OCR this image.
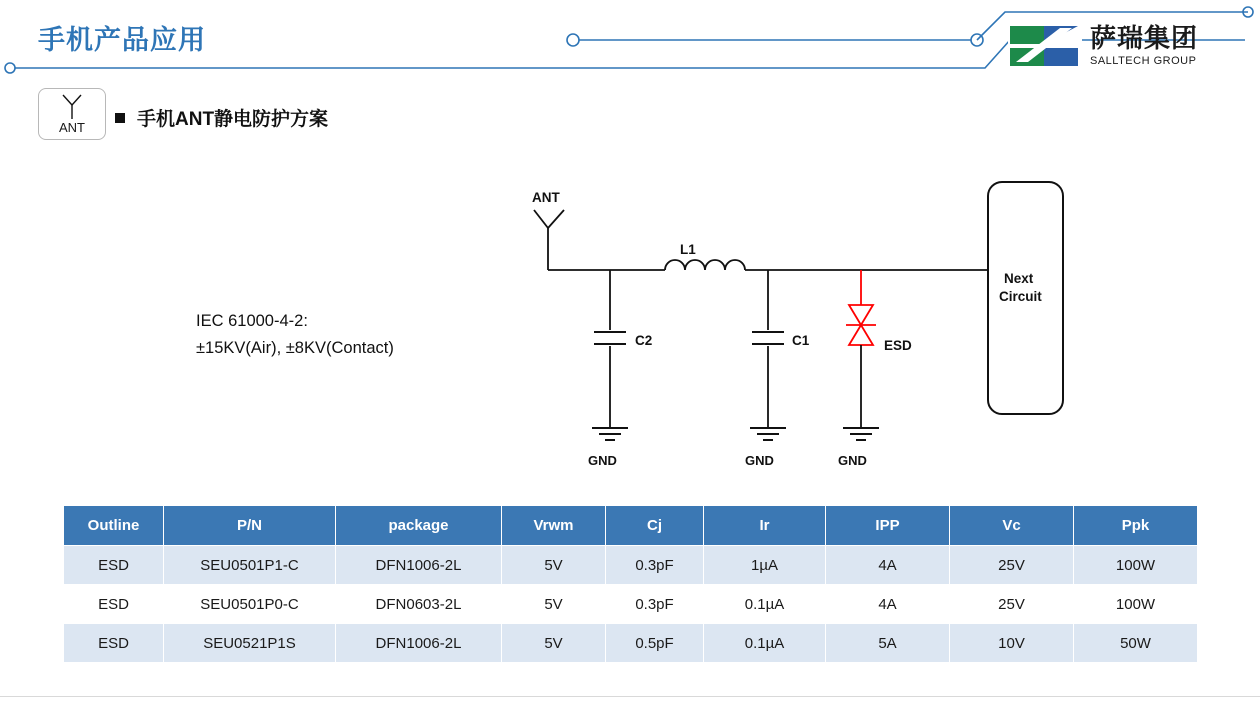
手机产品应用	萨瑞集团
SALLTECH GROUP
ANT	手机ANT静电防护方案
IEC 61000-4-2:
±15KV(Air), ±8KV(Contact)
ANT
L1
C2
GND
C1
GND
ESD
GND
Next
Circuit
Outline	P/N	package	Vrwm	Cj	Ir	IPP	Vc	Ppk
ESD	SEU0501P1-C	DFN1006-2L	5V	0.3pF	1µA	4A	25V	100W
ESD	SEU0501P0-C	DFN0603-2L	5V	0.3pF	0.1µA	4A	25V	100W
ESD	SEU0521P1S	DFN1006-2L	5V	0.5pF	0.1µA	5A	10V	50W
